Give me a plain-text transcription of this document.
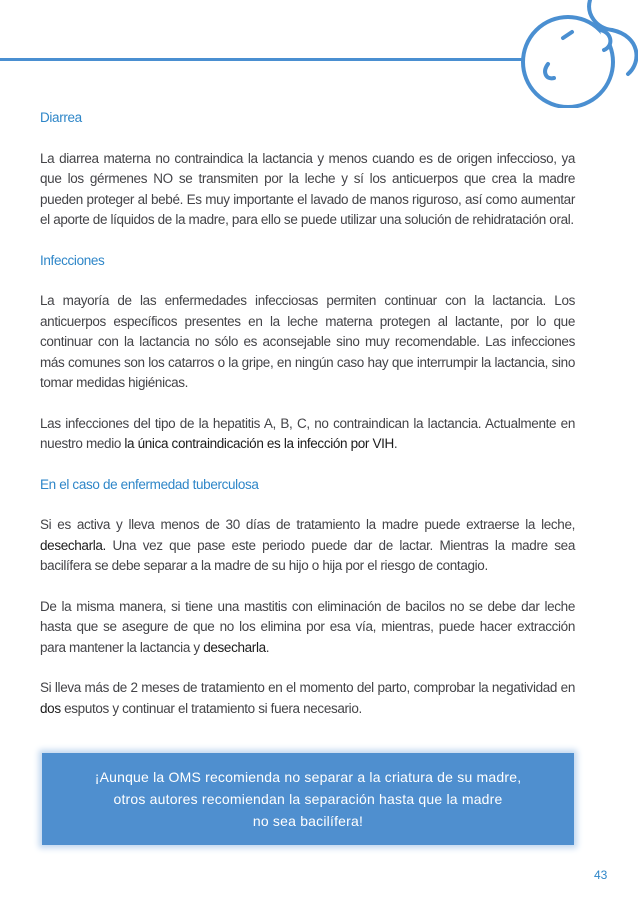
Diarrea

La diarrea materna no contraindica la lactancia y menos cuando es de origen infeccioso, ya que los gérmenes NO se transmiten por la leche y sí los anticuerpos que crea la madre pueden proteger al bebé. Es muy importante el lavado de manos riguroso, así como aumentar el aporte de líquidos de la madre, para ello se puede utilizar una solución de rehidratación oral.

Infecciones

La mayoría de las enfermedades infecciosas permiten continuar con la lactancia. Los anticuerpos específicos presentes en la leche materna protegen al lactante, por lo que continuar con la lactancia no sólo es aconsejable sino muy recomendable. Las infecciones más comunes son los catarros o la gripe, en ningún caso hay que interrumpir la lactancia, sino tomar medidas higiénicas.

Las infecciones del tipo de la hepatitis A, B, C, no contraindican la lactancia. Actualmente en nuestro medio la única contraindicación es la infección por VIH.

En el caso de enfermedad tuberculosa

Si es activa y lleva menos de 30 días de tratamiento la madre puede extraerse la leche, desecharla. Una vez que pase este periodo puede dar de lactar. Mientras la madre sea bacilífera se debe separar a la madre de su hijo o hija por el riesgo de contagio.

De la misma manera, si tiene una mastitis con eliminación de bacilos no se debe dar leche hasta que se asegure de que no los elimina por esa vía, mientras, puede hacer extracción para mantener la lactancia y desecharla.

Si lleva más de 2 meses de tratamiento en el momento del parto, comprobar la negatividad en dos esputos y continuar el tratamiento si fuera necesario.

¡Aunque la OMS recomienda no separar a la criatura de su madre,
otros autores recomiendan la separación hasta que la madre
no sea bacilífera!
43
